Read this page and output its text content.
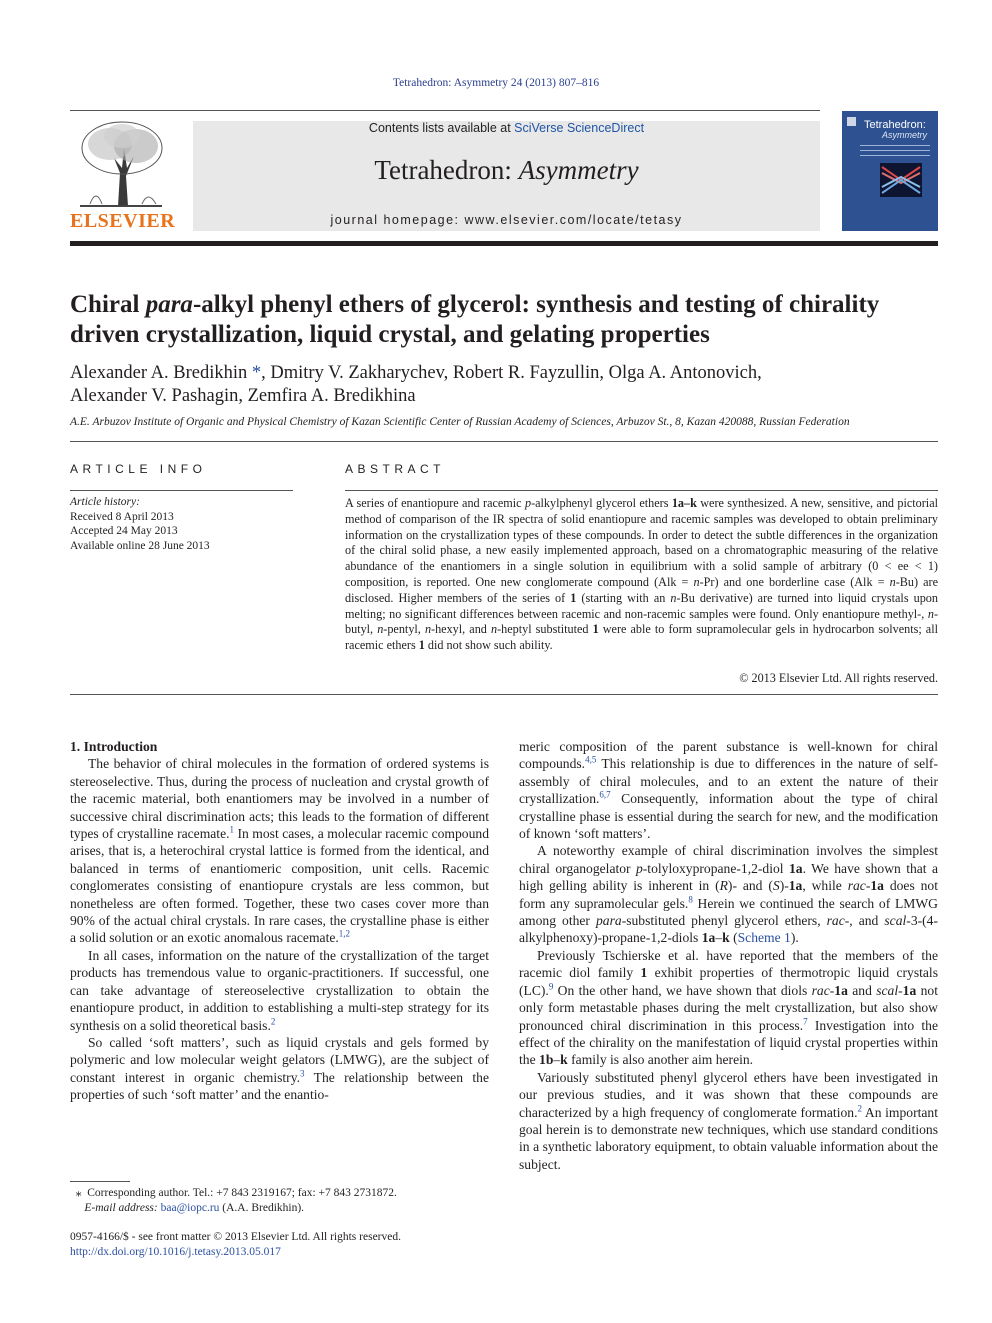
Tetrahedron: Asymmetry 24 (2013) 807–816
ELSEVIER
Contents lists available at SciVerse ScienceDirect
Tetrahedron: Asymmetry
journal homepage: www.elsevier.com/locate/tetasy
Tetrahedron:
Asymmetry
Chiral para-alkyl phenyl ethers of glycerol: synthesis and testing of chirality driven crystallization, liquid crystal, and gelating properties
Alexander A. Bredikhin *, Dmitry V. Zakharychev, Robert R. Fayzullin, Olga A. Antonovich,
Alexander V. Pashagin, Zemfira A. Bredikhina
A.E. Arbuzov Institute of Organic and Physical Chemistry of Kazan Scientific Center of Russian Academy of Sciences, Arbuzov St., 8, Kazan 420088, Russian Federation
ARTICLE INFO	ABSTRACT
Article history:
Received 8 April 2013
Accepted 24 May 2013
Available online 28 June 2013
A series of enantiopure and racemic p-alkylphenyl glycerol ethers 1a–k were synthesized. A new, sensitive, and pictorial method of comparison of the IR spectra of solid enantiopure and racemic samples was developed to obtain preliminary information on the crystallization types of these compounds. In order to detect the subtle differences in the organization of the chiral solid phase, a new easily implemented approach, based on a chromatographic measuring of the relative abundance of the enantiomers in a single solution in equilibrium with a solid sample of arbitrary (0 < ee < 1) composition, is reported. One new conglomerate compound (Alk = n-Pr) and one borderline case (Alk = n-Bu) are disclosed. Higher members of the series of 1 (starting with an n-Bu derivative) are turned into liquid crystals upon melting; no significant differences between racemic and non-racemic samples were found. Only enantiopure methyl-, n-butyl, n-pentyl, n-hexyl, and n-heptyl substituted 1 were able to form supramolecular gels in hydrocarbon solvents; all racemic ethers 1 did not show such ability.
© 2013 Elsevier Ltd. All rights reserved.

1. Introduction

The behavior of chiral molecules in the formation of ordered systems is stereoselective. Thus, during the process of nucleation and crystal growth of the racemic material, both enantiomers may be involved in a number of successive chiral discrimination acts; this leads to the formation of different types of crystalline racemate.$^1$ In most cases, a molecular racemic compound arises, that is, a heterochiral crystal lattice is formed from the identical, and balanced in terms of enantiomeric composition, unit cells. Racemic conglomerates consisting of enantiopure crystals are less common, but nonetheless are often formed. Together, these two cases cover more than 90% of the actual chiral crystals. In rare cases, the crystalline phase is either a solid solution or an exotic anomalous racemate.$^{1,2}$

In all cases, information on the nature of the crystallization of the target products has tremendous value to organic-practitioners. If successful, one can take advantage of stereoselective crystallization to obtain the enantiopure product, in addition to establishing a multi-step strategy for its synthesis on a solid theoretical basis.$^2$

So called ‘soft matters’, such as liquid crystals and gels formed by polymeric and low molecular weight gelators (LMWG), are the subject of constant interest in organic chemistry.$^3$ The relationship between the properties of such ‘soft matter’ and the enantio-

meric composition of the parent substance is well-known for chiral compounds.$^{4,5}$ This relationship is due to differences in the nature of self-assembly of chiral molecules, and to an extent the nature of their crystallization.$^{6,7}$ Consequently, information about the type of chiral crystalline phase is essential during the search for new, and the modification of known ‘soft matters’.

A noteworthy example of chiral discrimination involves the simplest chiral organogelator p-tolyloxypropane-1,2-diol 1a. We have shown that a high gelling ability is inherent in (R)- and (S)-1a, while rac-1a does not form any supramolecular gels.$^8$ Herein we continued the search of LMWG among other para-substituted phenyl glycerol ethers, rac-, and scal-3-(4-alkylphenoxy)-propane-1,2-diols 1a–k (Scheme 1).

Previously Tschierske et al. have reported that the members of the racemic diol family 1 exhibit properties of thermotropic liquid crystals (LC).$^9$ On the other hand, we have shown that diols rac-1a and scal-1a not only form metastable phases during the melt crystallization, but also show pronounced chiral discrimination in this process.$^7$ Investigation into the effect of the chirality on the manifestation of liquid crystal properties within the 1b–k family is also another aim herein.

Variously substituted phenyl glycerol ethers have been investigated in our previous studies, and it was shown that these compounds are characterized by a high frequency of conglomerate formation.$^2$ An important goal herein is to demonstrate new techniques, which use standard conditions in a synthetic laboratory equipment, to obtain valuable information about the subject.

⁎ Corresponding author. Tel.: +7 843 2319167; fax: +7 843 2731872.
E-mail address: baa@iopc.ru (A.A. Bredikhin).
0957-4166/$ - see front matter © 2013 Elsevier Ltd. All rights reserved.
http://dx.doi.org/10.1016/j.tetasy.2013.05.017
